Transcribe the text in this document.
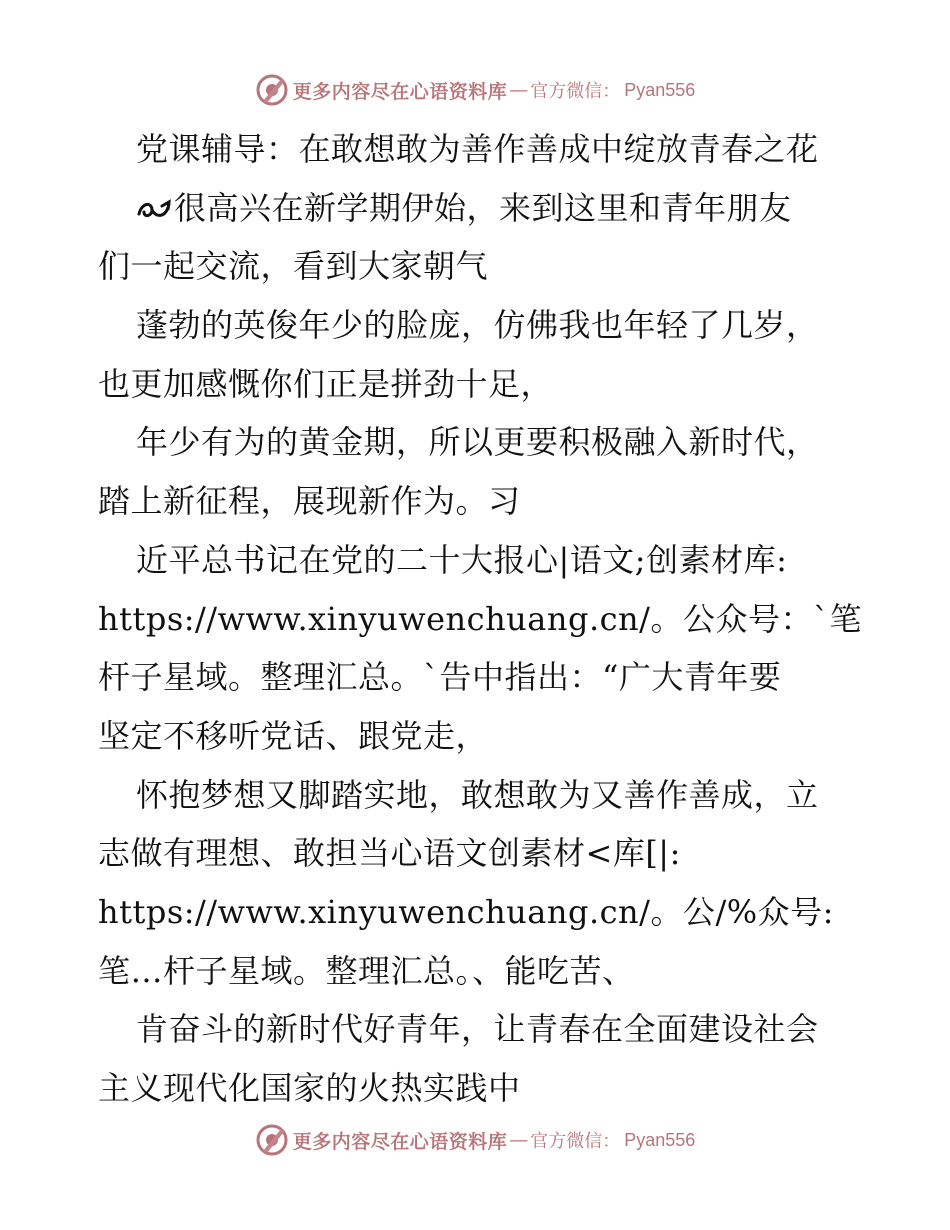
更多内容尽在心语资料库 — 官方微信： Pyan556
党课辅导：在敢想敢为善作善成中绽放青春之花
很高兴在新学期伊始，来到这里和青年朋友
们一起交流，看到大家朝气
蓬勃的英俊年少的脸庞，仿佛我也年轻了几岁，
也更加感慨你们正是拼劲十足，
年少有为的黄金期，所以更要积极融入新时代，
踏上新征程，展现新作为。习
近平总书记在党的二十大报心|语文;创素材库:
https://www.xinyuwenchuang.cn/。公众号：`笔
杆子星域。整理汇总。`告中指出：“广大青年要
坚定不移听党话、跟党走，
怀抱梦想又脚踏实地，敢想敢为又善作善成，立
志做有理想、敢担当心语文创素材<库[|:
https://www.xinyuwenchuang.cn/。公/%众号:
笔…杆子星域。整理汇总。、能吃苦、
肯奋斗的新时代好青年，让青春在全面建设社会
主义现代化国家的火热实践中
更多内容尽在心语资料库 — 官方微信： Pyan556
